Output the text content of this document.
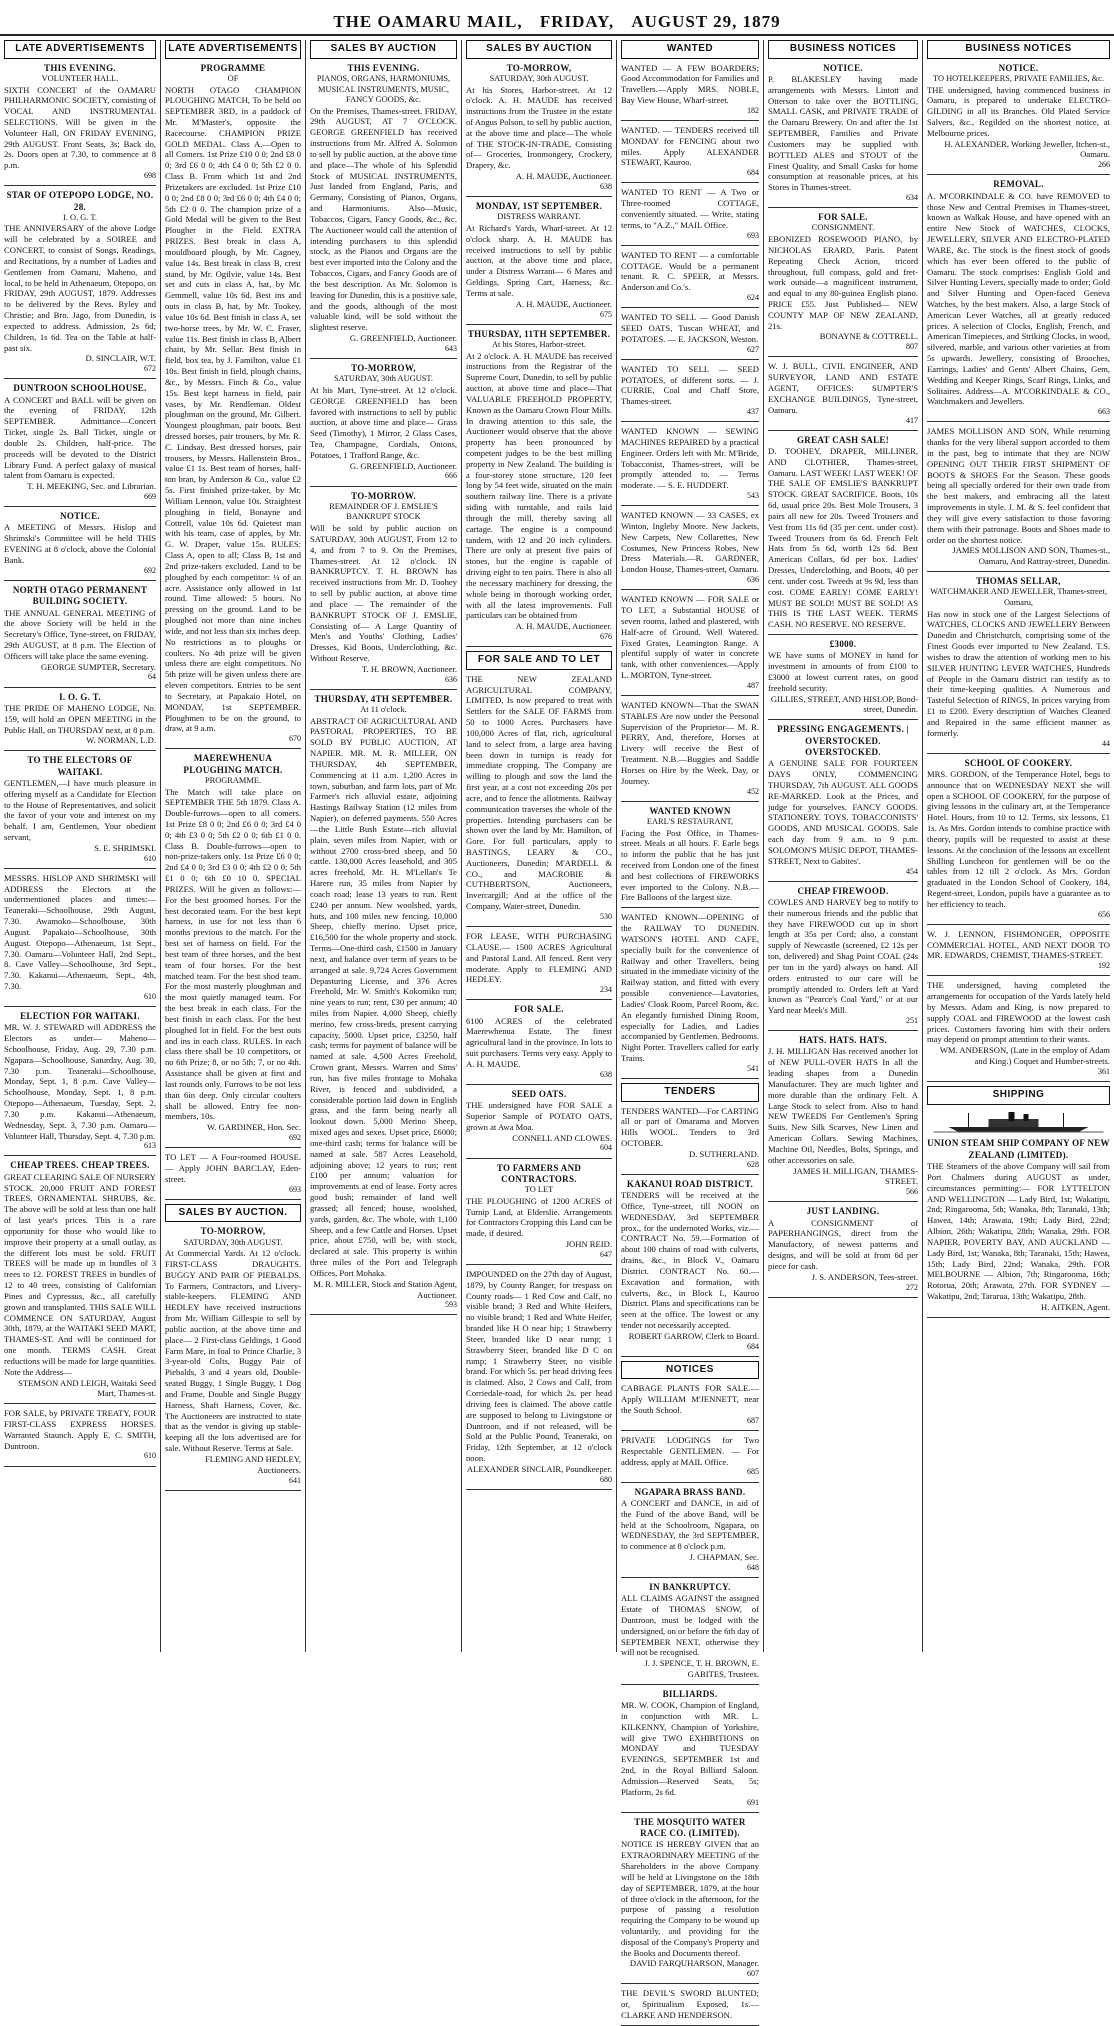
THE OAMARU MAIL, FRIDAY, AUGUST 29, 1879
LATE ADVERTISEMENTS
THIS EVENING.
VOLUNTEER HALL.

SIXTH CONCERT of the OAMARU PHILHARMONIC SOCIETY, consisting of VOCAL AND INSTRUMENTAL SELECTIONS. Will be given in the Volunteer Hall, ON FRIDAY EVENING, 29th AUGUST. Front Seats, 3s; Back do, 2s. Doors open at 7.30, to commence at 8 p.m.

698
STAR OF OTEPOPO LODGE, NO. 28.
I. O. G. T.

THE ANNIVERSARY of the above Lodge will be celebrated by a SOIREE and CONCERT, to consist of Songs, Readings, and Recitations, by a number of Ladies and Gentlemen from Oamaru, Maheno, and local, to be held in Athenaeum, Otepopo, on FRIDAY, 29th AUGUST, 1879. Addresses to be delivered by the Revs. Ryley and Christie; and Bro. Jago, from Dunedin, is expected to address. Admission, 2s 6d; Children, 1s 6d. Tea on the Table at half-past six.

D. SINCLAIR, W.T.

672
DUNTROON SCHOOLHOUSE.

A CONCERT and BALL will be given on the evening of FRIDAY, 12th SEPTEMBER. Admittance—Concert Ticket, single 2s. Ball Ticket, single or double 2s. Children, half-price. The proceeds will be devoted to the District Library Fund. A perfect galaxy of musical talent from Oamaru is expected.

T. H. MEEKING, Sec. and Librarian.

669
NOTICE.

A MEETING of Messrs. Hislop and Shrimski's Committee will be held THIS EVENING at 8 o'clock, above the Colonial Bank.

692
NORTH OTAGO PERMANENT BUILDING SOCIETY.

THE ANNUAL GENERAL MEETING of the above Society will be held in the Secretary's Office, Tyne-street, on FRIDAY, 29th AUGUST, at 8 p.m. The Election of Officers will take place the same evening.

GEORGE SUMPTER, Secretary.

64
I. O. G. T.

THE PRIDE OF MAHENO LODGE, No. 159, will hold an OPEN MEETING in the Public Hall, on THURSDAY next, at 8 p.m.

W. NORMAN, L.D.

TO THE ELECTORS OF WAITAKI.

GENTLEMEN,—I have much pleasure in offering myself as a Candidate for Election to the House of Representatives, and solicit the favor of your vote and interest on my behalf. I am, Gentlemen, Your obedient servant,

S. E. SHRIMSKI.

610

MESSRS. HISLOP AND SHRIMSKI will ADDRESS the Electors at the undermentioned places and times:— Teaneraki—Schoolhouse, 29th August, 7.30. Awamoko—Schoolhouse, 30th August. Papakaio—Schoolhouse, 30th August. Otepopo—Athenaeum, 1st Sept., 7.30. Oamaru—Volunteer Hall, 2nd Sept., 8. Cave Valley—Schoolhouse, 3rd Sept., 7.30. Kakanui—Athenaeum, Sept., 4th, 7.30.

610
ELECTION FOR WAITAKI.

MR. W. J. STEWARD will ADDRESS the Electors as under— Maheno—Schoolhouse, Friday, Aug. 29, 7.30 p.m. Ngapara—Schoolhouse, Saturday, Aug. 30, 7.30 p.m. Teaneraki—Schoolhouse, Monday, Sept. 1, 8 p.m. Cave Valley—Schoolhouse, Monday, Sept. 1, 8 p.m. Otepopo—Athenaeum, Tuesday, Sept. 2, 7.30 p.m. Kakanui—Athenaeum, Wednesday, Sept. 3, 7.30 p.m. Oamaru—Volunteer Hall, Thursday, Sept. 4, 7.30 p.m.

613
CHEAP TREES. CHEAP TREES.

GREAT CLEARING SALE OF NURSERY STOCK. 20,000 FRUIT AND FOREST TREES, ORNAMENTAL SHRUBS, &c. The above will be sold at less than one half of last year's prices. This is a rare opportunity for those who would like to improve their property at a small outlay, as the different lots must be sold. FRUIT TREES will be made up in bundles of 3 trees to 12. FOREST TREES in bundles of 12 to 40 trees, consisting of Californian Pines and Cypressus, &c., all carefully grown and transplanted. THIS SALE WILL COMMENCE ON SATURDAY, August 30th, 1879, at the WAITAKI SEED MART, THAMES-ST. And will be continued for one month. TERMS CASH. Great reductions will be made for large quantities. Note the Address—

STEMSON AND LEIGH, Waitaki Seed Mart, Thames-st.

FOR SALE, by PRIVATE TREATY, FOUR FIRST-CLASS EXPRESS HORSES. Warranted Staunch. Apply E. C. SMITH, Duntroon.

610
LATE ADVERTISEMENTS
PROGRAMME
OF

NORTH OTAGO CHAMPION PLOUGHING MATCH, To be held on SEPTEMBER 3RD, in a paddock of Mr. M'Master's, opposite the Racecourse. CHAMPION PRIZE GOLD MEDAL. Class A.—Open to all Comers. 1st Prize £10 0 0; 2nd £8 0 0; 3rd £6 0 0; 4th £4 0 0; 5th £2 0 0. Class B. From which 1st and 2nd Prizetakers are excluded. 1st Prize £10 0 0; 2nd £8 0 0; 3rd £6 0 0; 4th £4 0 0; 5th £2 0 0. The champion prize of a Gold Medal will be given to the Best Plougher in the Field. EXTRA PRIZES. Best break in class A, mouldboard plough, by Mr. Cagney, value 14s. Best break in class B, crest stand, by Mr. Ogilvie, value 14s. Best set and cuts in class A, hat, by Mr. Gemmell, value 10s 6d. Best ins and outs in class B, hat, by Mr. Tookey, value 10s 6d. Best finish in class A, set two-horse trees, by Mr. W. C. Fraser, value 11s. Best finish in class B, Albert chain, by Mr. Sellar. Best finish in field, box tea, by J. Familton, value £1 10s. Best finish in field, plough chains, &c., by Messrs. Finch & Co., value 15s. Best kept harness in field, pair vases, by Mr. Rendleman. Oldest ploughman on the ground, Mr. Gilbert. Youngest ploughman, pair boots. Best dressed horses, pair trousers, by Mr. R. C. Lindsay. Best dressed horses, pair trousers, by Messrs. Hallenstein Bros., value £1 1s. Best team of horses, half-ton bran, by Anderson & Co., value £2 5s. First finished prize-taker, by Mr. William Lennon, value 10s. Straightest ploughing in field, Bonayne and Cottrell, value 10s 6d. Quietest man with his team, case of apples, by Mr. G. W. Draper, value 15s. RULES: Class A, open to all; Class B, 1st and 2nd prize-takers excluded. Land to be ploughed by each competitor: ¼ of an acre. Assistance only allowed in 1st round. Time allowed: 5 hours. No pressing on the ground. Land to be ploughed not more than nine inches wide, and not less than six inches deep. No restrictions as to ploughs or coulters. No 4th prize will be given unless there are eight competitors. No 5th prize will be given unless there are eleven competitors. Entries to be sent to Secretary, at Papakaio Hotel, on MONDAY, 1st SEPTEMBER. Ploughmen to be on the ground, to draw, at 9 a.m.

670
MAEREWHENUA PLOUGHING MATCH.
PROGRAMME.

The Match will take place on SEPTEMBER THE 5th 1879. Class A. Double-furrows—open to all comers. 1st Prize £8 0 0; 2nd £6 0 0; 3rd £4 0 0; 4th £3 0 0; 5th £2 0 0; 6th £1 0 0. Class B. Double-furrows—open to non-prize-takers only. 1st Prize £6 0 0; 2nd £4 0 0; 3rd £3 0 0; 4th £2 0 0; 5th £1 0 0; 6th £0 10 0. SPECIAL PRIZES. Will be given as follows:— For the best groomed horses. For the best decorated team. For the best kept harness, in use for not less than 6 months previous to the match. For the best set of harness on field. For the best team of three horses, and the best team of four horses. For the best matched team. For the best shod team. For the most masterly ploughman and the most quietly managed team. For the best break in each class. For the best finish in each class. For the best ploughed lot in field. For the best outs and ins in each class. RULES. In each class there shall be 10 competitors, or no 6th Prize; 8, or no 5th; 7, or no 4th. Assistance shall be given at first and last rounds only. Furrows to be not less than 6in deep. Only circular coulters shall be allowed. Entry fee non-members, 10s.

W. GARDINER, Hon. Sec.

692

TO LET — A Four-roomed HOUSE. — Apply JOHN BARCLAY, Eden-street.

693
SALES BY AUCTION.
TO-MORROW,
SATURDAY, 30th AUGUST.

At Commercial Yards. At 12 o'clock. FIRST-CLASS DRAUGHTS. BUGGY AND PAIR OF PIEBALDS. To Farmers, Contractors, and Livery-stable-keepers. FLEMING AND HEDLEY have received instructions from Mr. William Gillespie to sell by public auction, at the above time and place— 2 First-class Geldings, 1 Good Farm Mare, in foal to Prince Charlie, 3 3-year-old Colts, Buggy Pair of Piebalds, 3 and 4 years old, Double-seated Buggy, 1 Single Buggy, 1 Dog and Frame, Double and Single Buggy Harness, Shaft Harness, Cover, &c. The Auctioneers are instructed to state that as the vendor is giving up stable-keeping all the lots advertised are for sale. Without Reserve. Terms at Sale.

FLEMING AND HEDLEY, Auctioneers.

641
SALES BY AUCTION
THIS EVENING.
PIANOS, ORGANS, HARMONIUMS, MUSICAL INSTRUMENTS, MUSIC, FANCY GOODS, &c.

On the Premises, Thames-street. FRIDAY, 29th AUGUST, AT 7 O'CLOCK. GEORGE GREENFIELD has received instructions from Mr. Alfred A. Solomon to sell by public auction, at the above time and place—The whole of his Splendid Stock of MUSICAL INSTRUMENTS, Just landed from England, Paris, and Germany, Consisting of Pianos, Organs, and Harmoniums. Also—Music, Tobaccos, Cigars, Fancy Goods, &c., &c. The Auctioneer would call the attention of intending purchasers to this splendid stock, as the Pianos and Organs are the best ever imported into the Colony and the Tobaccos, Cigars, and Fancy Goods are of the best description. As Mr. Solomon is leaving for Dunedin, this is a positive sale, and the goods, although of the most valuable kind, will be sold without the slightest reserve.

G. GREENFIELD, Auctioneer.

643
TO-MORROW,
SATURDAY, 30th AUGUST.

At his Mart, Tyne-street. At 12 o'clock. GEORGE GREENFIELD has been favored with instructions to sell by public auction, at above time and place— Grass Seed (Timothy), 1 Mirror, 2 Glass Cases, Tea, Champagne, Cordials, Onions, Potatoes, 1 Trafford Range, &c.

G. GREENFIELD, Auctioneer.

666
TO-MORROW.
REMAINDER OF J. EMSLIE'S BANKRUPT STOCK

Will be sold by public auction on SATURDAY, 30th AUGUST, From 12 to 4, and from 7 to 9. On the Premises, Thames-street. At 12 o'clock. IN BANKRUPTCY. T. H. BROWN has received instructions from Mr. D. Toohey to sell by public auction, at above time and place — The remainder of the BANKRUPT STOCK OF J. EMSLIE, Consisting of— A Large Quantity of Men's and Youths' Clothing, Ladies' Dresses, Kid Boots, Underclothing, &c. Without Reserve.

T. H. BROWN, Auctioneer.

636
THURSDAY, 4TH SEPTEMBER.
At 11 o'clock.

ABSTRACT OF AGRICULTURAL AND PASTORAL PROPERTIES, TO BE SOLD BY PUBLIC AUCTION, AT NAPIER. MR. M. R. MILLER, ON THURSDAY, 4th SEPTEMBER, Commencing at 11 a.m. 1,200 Acres in town, suburban, and farm lots, part of Mr. Farmer's rich alluvial estate, adjoining Hastings Railway Station (12 miles from Napier), on deferred payments. 550 Acres—the Little Bush Estate—rich alluvial plain, seven miles from Napier, with or without 2700 cross-bred sheep, and 50 cattle. 130,000 Acres leasehold, and 305 acres freehold, Mr. H. M'Lellan's Te Harere run, 35 miles from Napier by coach road; lease 13 years to run. Rent £240 per annum. New woolshed, yards, huts, and 100 miles new fencing. 10,000 Sheep, chiefly merino. Upset price, £16,500 for the whole property and stock. Terms—One-third cash, £1500 in January next, and balance over term of years to be arranged at sale. 9,724 Acres Government Depasturing License, and 376 Acres Freehold, Mr. W. Smith's Kokomiko run; nine years to run; rent, £30 per annum; 40 miles from Napier. 4,000 Sheep, chiefly merino, few cross-breds, present carrying capacity, 5000. Upset price, £3250, half cash; terms for payment of balance will be named at sale. 4,500 Acres Freehold, Crown grant, Messrs. Warren and Sims' run, has five miles frontage to Mohaka River, is fenced and subdivided, a considerable portion laid down in English grass, and the farm being nearly all lookout down. 5,000 Merino Sheep, mixed ages and sexes. Upset price, £6000; one-third cash; terms for balance will be named at sale. 587 Acres Leasehold, adjoining above; 12 years to run; rent £100 per annum; valuation for improvements at end of lease. Forty acres good bush; remainder of land well grassed; all fenced; house, woolshed, yards, garden, &c. The whole, with 1,100 Sheep, and a few Cattle and Horses. Upset price, about £750, will be, with stock, declared at sale. This property is within three miles of the Port and Telegraph Offices, Port Mohaka.

M. R. MILLER, Stock and Station Agent, Auctioneer.

593
SALES BY AUCTION
TO-MORROW,
SATURDAY, 30th AUGUST.

At his Stores, Harbor-street. At 12 o'clock. A. H. MAUDE has received instructions from the Trustee in the estate of Angus Polson, to sell by public auction, at the above time and place—The whole of THE STOCK-IN-TRADE, Consisting of— Groceries, Ironmongery, Crockery, Drapery, &c.

A. H. MAUDE, Auctioneer.

638
MONDAY, 1ST SEPTEMBER.
DISTRESS WARRANT.

At Richard's Yards, Wharf-street. At 12 o'clock sharp. A. H. MAUDE has received instructions to sell by public auction, at the above time and place, under a Distress Warrant— 6 Mares and Geldings, Spring Cart, Harness, &c. Terms at sale.

A. H. MAUDE, Auctioneer.

675
THURSDAY, 11TH SEPTEMBER.
At his Stores, Harbor-street.

At 2 o'clock. A. H. MAUDE has received instructions from the Registrar of the Supreme Court, Dunedin, to sell by public auction, at above time and place—That VALUABLE FREEHOLD PROPERTY, Known as the Oamaru Crown Flour Mills. In drawing attention to this sale, the Auctioneer would observe that the above property has been pronounced by competent judges to be the best milling property in New Zealand. The building is a four-storey stone structure, 120 feet long by 54 feet wide, situated on the main southern railway line. There is a private siding with turntable, and rails laid through the mill, thereby saving all cartage. The engine is a compound tandem, with 12 and 20 inch cylinders. There are only at present five pairs of stones, but the engine is capable of driving eight to ten pairs. There is also all the necessary machinery for dressing, the whole being in thorough working order, with all the latest improvements. Full particulars can be obtained from

A. H. MAUDE, Auctioneer.

676
FOR SALE AND TO LET

THE NEW ZEALAND AGRICULTURAL COMPANY, LIMITED, Is now prepared to treat with Settlers for the SALE OF FARMS from 50 to 1000 Acres. Purchasers have 100,000 Acres of flat, rich, agricultural land to select from, a large area having been down in turnips is ready for immediate cropping. The Company are willing to plough and sow the land the first year, at a cost not exceeding 20s per acre, and to fence the allotments. Railway communication traverses the whole of the properties. Intending purchasers can be shown over the land by Mr. Hamilton, of Gore. For full particulars, apply to BASTINGS, LEARY & CO., Auctioneers, Dunedin; M'ARDELL & CO., and MACROBIE & CUTHBERTSON, Auctioneers, Invercargill; And at the office of the Company, Water-street, Dunedin.

530

FOR LEASE, WITH PURCHASING CLAUSE.— 1500 ACRES Agricultural and Pastoral Land. All fenced. Rent very moderate. Apply to FLEMING AND HEDLEY.

234
FOR SALE.

6100 ACRES of the celebrated Maerewhenua Estate. The finest agricultural land in the province. In lots to suit purchasers. Terms very easy. Apply to A. H. MAUDE.

638
SEED OATS.

THE undersigned have FOR SALE a Superior Sample of POTATO OATS, grown at Awa Moa.

CONNELL AND CLOWES.

604
TO FARMERS AND CONTRACTORS.
TO LET

THE PLOUGHING of 1200 ACRES of Turnip Land, at Elderslie. Arrangements for Contractors Cropping this Land can be made, if desired.

JOHN REID.

647

IMPOUNDED on the 27th day of August, 1879, by County Ranger, for trespass on County roads— 1 Red Cow and Calf, no visible brand; 3 Red and White Heifers, no visible brand; 1 Red and White Heifer, branded like H O near hip; 1 Strawberry Steer, branded like D near rump; 1 Strawberry Steer, branded like D C on rump; 1 Strawberry Steer, no visible brand. For which 5s. per head driving fees is claimed. Also, 2 Cows and Calf, from Corriedale-road, for which 2s. per head driving fees is claimed. The above cattle are supposed to belong to Livingstone or Duntroon, and if not released, will be Sold at the Public Pound, Teaneraki, on Friday, 12th September, at 12 o'clock noon.

ALEXANDER SINCLAIR, Poundkeeper.

680
WANTED

WANTED — A FEW BOARDERS; Good Accommodation for Families and Travellers.—Apply MRS. NOBLE, Bay View House, Wharf-street.

182

WANTED. — TENDERS received till MONDAY for FENCING about two miles. Apply ALEXANDER STEWART, Kauroo.

684

WANTED TO RENT — A Two or Three-roomed COTTAGE, conveniently situated. — Write, stating terms, to "A.Z.," MAIL Office.

693

WANTED TO RENT — a comfortable COTTAGE. Would be a permanent tenant. R. C. SPEER, at Messrs. Anderson and Co.'s.

624

WANTED TO SELL — Good Danish SEED OATS, Tuscan WHEAT, and POTATOES. — E. JACKSON, Weston.

627

WANTED TO SELL — SEED POTATOES, of different sorts. — J. CURRIE, Coal and Chaff Store, Thames-street.

437

WANTED KNOWN — SEWING MACHINES REPAIRED by a practical Engineer. Orders left with Mr. M'Bride, Tobacconist, Thames-street, will be promptly attended to. — Terms moderate. — S. E. HUDDERT.

543

WANTED KNOWN — 33 CASES, ex Winton, Ingleby Moore. New Jackets, New Carpets, New Collarettes, New Costumes, New Princess Robes, New Dress Materials.—R. GARDNER, London House, Thames-street, Oamaru.

636

WANTED KNOWN — FOR SALE or TO LET, a Substantial HOUSE of seven rooms, lathed and plastered, with Half-acre of Ground. Well Watered. Fixed Grates, Leamington Range. A plentiful supply of water in concrete tank, with other conveniences.—Apply L. MORTON, Tyne-street.

487

WANTED KNOWN—That the SWAN STABLES Are now under the Personal Supervision of the Proprietor— M. R. PERRY, And, therefore, Horses at Livery will receive the Best of Treatment. N.B.—Buggies and Saddle Horses on Hire by the Week, Day, or Journey.

452
WANTED KNOWN
EARL'S RESTAURANT,

Facing the Post Office, in Thames-street. Meals at all hours. F. Earle begs to inform the public that he has just received from London one of the finest and best collections of FIREWORKS ever imported to the Colony. N.B.—Fire Balloons of the largest size.

WANTED KNOWN—OPENING of the RAILWAY TO DUNEDIN. WATSON'S HOTEL AND CAFE, specially built for the convenience of Railway and other Travellers, being situated in the immediate vicinity of the Railway station, and fitted with every possible convenience—Lavatories, Ladies' Cloak Room, Parcel Room, &c. An elegantly furnished Dining Room, especially for Ladies, and Ladies accompanied by Gentlemen. Bedrooms. Night Porter. Travellers called for early Trains.

541
TENDERS

TENDERS WANTED—For CARTING all or part of Omarama and Morven Hills WOOL. Tenders to 3rd OCTOBER.

D. SUTHERLAND.

628
KAKANUI ROAD DISTRICT.

TENDERS will be received at the Office, Tyne-street, till NOON on WEDNESDAY, 3rd SEPTEMBER prox., for the undernoted Works, viz.— CONTRACT No. 59.—Formation of about 100 chains of road with culverts, drains, &c., in Block V., Oamaru District. CONTRACT No. 60.—Excavation and formation, with culverts, &c., in Block I., Kauroo District. Plans and specifications can be seen at the office. The lowest or any tender not necessarily accepted.

ROBERT GARROW, Clerk to Board.

684
NOTICES

CABBAGE PLANTS FOR SALE.— Apply WILLIAM M'JENNETT, near the South School.

687

PRIVATE LODGINGS for Two Respectable GENTLEMEN. — For address, apply at MAIL Office.

685
NGAPARA BRASS BAND.

A CONCERT and DANCE, in aid of the Fund of the above Band, will be held at the Schoolroom, Ngapara, on WEDNESDAY, the 3rd SEPTEMBER, to commence at 8 o'clock p.m.

J. CHAPMAN, Sec.

648
IN BANKRUPTCY.

ALL CLAIMS AGAINST the assigned Estate of THOMAS SNOW, of Duntroon, must be lodged with the undersigned, on or before the 6th day of SEPTEMBER NEXT, otherwise they will not be recognised.

J. J. SPENCE, T. H. BROWN, E. GABITES, Trustees.

BILLIARDS.

MR. W. COOK, Champion of England, in conjunction with MR. L. KILKENNY, Champion of Yorkshire, will give TWO EXHIBITIONS on MONDAY and TUESDAY EVENINGS, SEPTEMBER 1st and 2nd, in the Royal Billiard Saloon. Admission—Reserved Seats, 5s; Platform, 2s 6d.

691
THE MOSQUITO WATER RACE CO. (LIMITED).

NOTICE IS HEREBY GIVEN that an EXTRAORDINARY MEETING of the Shareholders in the above Company will be held at Livingstone on the 18th day of SEPTEMBER, 1879, at the hour of three o'clock in the afternoon, for the purpose of passing a resolution requiring the Company to be wound up voluntarily, and providing for the disposal of the Company's Property and the Books and Documents thereof.

DAVID FARQUHARSON, Manager.

607

THE DEVIL'S SWORD BLUNTED; or, Spiritualism Exposed, 1s.—CLARKE AND HENDERSON.

BUSINESS NOTICES
NOTICE.

P. BLAKESLEY having made arrangements with Messrs. Lintott and Otterson to take over the BOTTLING, SMALL CASK, and PRIVATE TRADE of the Oamaru Brewery. On and after the 1st SEPTEMBER, Families and Private Customers may be supplied with BOTTLED ALES and STOUT of the Finest Quality, and Small Casks for home consumption at reasonable prices, at his Stores in Thames-street.

634
FOR SALE.
CONSIGNMENT.

EBONIZED ROSEWOOD PIANO, by NICHOLAS ERARD, Paris. Patent Repeating Check Action, tricord throughout, full compass, gold and fret-work outside—a magnificent instrument, and equal to any 80-guinea English piano. PRICE £55. Just Published— NEW COUNTY MAP OF NEW ZEALAND, 21s.

BONAYNE & COTTRELL.

807

W. J. BULL, CIVIL ENGINEER, AND SURVEYOR, LAND AND ESTATE AGENT, OFFICES: SUMPTER'S EXCHANGE BUILDINGS, Tyne-street, Oamaru.

417
GREAT CASH SALE!

D. TOOHEY, DRAPER, MILLINER, AND CLOTHIER, Thames-street, Oamaru. LAST WEEK! LAST WEEK! OF THE SALE OF EMSLIE'S BANKRUPT STOCK. GREAT SACRIFICE. Boots, 10s 6d, usual price 20s. Best Mole Trousers, 3 pairs all new for 20s. Tweed Trousers and Vest from 11s 6d (35 per cent. under cost). Tweed Trousers from 6s 6d. French Felt Hats from 5s 6d, worth 12s 6d. Best American Collars, 6d per box. Ladies' Dresses, Underclothing, and Boots, 40 per cent. under cost. Tweeds at 9s 9d, less than cost. COME EARLY! COME EARLY! MUST BE SOLD! MUST BE SOLD! AS THIS IS THE LAST WEEK. TERMS CASH. NO RESERVE. NO RESERVE.

£3000.

WE have sums of MONEY in hand for investment in amounts of from £100 to £3000 at lowest current rates, on good freehold security.

GILLIES, STREET, AND HISLOP, Bond-street, Dunedin.

PRESSING ENGAGEMENTS. | OVERSTOCKED. OVERSTOCKED.

A GENUINE SALE FOR FOURTEEN DAYS ONLY, COMMENCING THURSDAY, 7th AUGUST. ALL GOODS RE-MARKED. Look at the Prices, and judge for yourselves. FANCY GOODS. STATIONERY. TOYS. TOBACCONISTS' GOODS, AND MUSICAL GOODS. Sale each day from 9 a.m. to 9 p.m. SOLOMON'S MUSIC DEPOT, THAMES-STREET, Next to Gabites'.

454
CHEAP FIREWOOD.

COWLES AND HARVEY beg to notify to their numerous friends and the public that they have FIREWOOD cut up in short length at 35s per Cord; also, a constant supply of Newcastle (screened, £2 12s per ton, delivered) and Shag Point COAL (24s per ton in the yard) always on hand. All orders entrusted to our care will be promptly attended to. Orders left at Yard known as "Pearce's Coal Yard," or at our Yard near Meek's Mill.

251
HATS. HATS. HATS.

J. H. MILLIGAN Has received another lot of NEW PULL-OVER HATS In all the leading shapes from a Dunedin Manufacturer. They are much lighter and more durable than the ordinary Felt. A Large Stock to select from. Also to hand NEW TWEEDS For Gentlemen's Spring Suits. New Silk Scarves, New Linen and American Collars. Sewing Machines, Machine Oil, Needles, Bolts, Springs, and other accessories on sale.

JAMES H. MILLIGAN, THAMES-STREET.

566
JUST LANDING.

A CONSIGNMENT of PAPERHANGINGS, direct from the Manufactory, of newest patterns and designs, and will be sold at from 6d per piece for cash.

J. S. ANDERSON, Tees-street.

272
BUSINESS NOTICES
NOTICE.
TO HOTELKEEPERS, PRIVATE FAMILIES, &c.

THE undersigned, having commenced business in Oamaru, is prepared to undertake ELECTRO-GILDING in all its Branches. Old Plated Service Salvers, &c., Regilded on the shortest notice, at Melbourne prices.

H. ALEXANDER, Working Jeweller, Itchen-st., Oamaru.

266
REMOVAL.

A. M'CORKINDALE & CO. have REMOVED to those New and Central Premises in Thames-street, known as Walkak House, and have opened with an entire New Stock of WATCHES, CLOCKS, JEWELLERY, SILVER AND ELECTRO-PLATED WARE, &c. The stock is the finest stock of goods which has ever been offered to the public of Oamaru. The stock comprises: English Gold and Silver Hunting Levers, specially made to order; Gold and Silver Hunting and Open-faced Geneva Watches, by the best makers. Also, a large Stock of American Lever Watches, all at greatly reduced prices. A selection of Clocks, English, French, and American Timepieces, and Striking Clocks, in wood, silvered, marble, and various other varieties at from 5s upwards. Jewellery, consisting of Brooches, Earrings, Ladies' and Gents' Albert Chains, Gem, Wedding and Keeper Rings, Scarf Rings, Links, and Solitaires. Address—A. M'CORKINDALE & CO., Watchmakers and Jewellers.

663

JAMES MOLLISON AND SON, While returning thanks for the very liberal support accorded to them in the past, beg to intimate that they are NOW OPENING OUT THEIR FIRST SHIPMENT OF BOOTS & SHOES For the Season. These goods being all specially ordered for their own trade from the best makers, and embracing all the latest improvements in style. J. M. & S. feel confident that they will give every satisfaction to those favoring them with their patronage. Boots and Shoes made to order on the shortest notice.

JAMES MOLLISON AND SON, Thames-st., Oamaru, And Rattray-street, Dunedin.

THOMAS SELLAR,
WATCHMAKER AND JEWELLER, Thames-street, Oamaru,

Has now in stock one of the Largest Selections of WATCHES, CLOCKS AND JEWELLERY Between Dunedin and Christchurch, comprising some of the Finest Goods ever imported to New Zealand. T.S. wishes to draw the attention of working men to his SILVER HUNTING LEVER WATCHES, Hundreds of People in the Oamaru district can testify as to their time-keeping qualities. A Numerous and Tasteful Selection of RINGS, In prices varying from £1 to £200. Every description of Watches Cleaned and Repaired in the same efficient manner as formerly.

44
SCHOOL OF COOKERY.

MRS. GORDON, of the Temperance Hotel, begs to announce that on WEDNESDAY NEXT she will open a SCHOOL OF COOKERY, for the purpose of giving lessons in the culinary art, at the Temperance Hotel. Hours, from 10 to 12. Terms, six lessons, £1 1s. As Mrs. Gordon intends to combine practice with theory, pupils will be requested to assist at these lessons. At the conclusion of the lessons an excellent Shilling Luncheon for gentlemen will be on the tables from 12 till 2 o'clock. As Mrs. Gordon graduated in the London School of Cookery, 184, Regent-street, London, pupils have a guarantee as to her efficiency to teach.

656

W. J. LENNON, FISHMONGER, OPPOSITE COMMERCIAL HOTEL, AND NEXT DOOR TO MR. EDWARDS, CHEMIST, THAMES-STREET.

192

THE undersigned, having completed the arrangements for occupation of the Yards lately held by Messrs. Adam and King, is now prepared to supply COAL and FIREWOOD at the lowest cash prices. Customers favoring him with their orders may depend on prompt attention to their wants.

WM. ANDERSON, (Late in the employ of Adam and King.) Coquet and Humber-streets.

361
SHIPPING
UNION STEAM SHIP COMPANY OF NEW ZEALAND (LIMITED).

THE Steamers of the above Company will sail from Port Chalmers during AUGUST as under, circumstances permitting:— FOR LYTTELTON AND WELLINGTON — Lady Bird, 1st; Wakatipu, 2nd; Ringarooma, 5th; Wanaka, 8th; Taranaki, 13th; Hawea, 14th; Arawata, 19th; Lady Bird, 22nd; Albion, 26th; Wakatipu, 28th; Wanaka, 29th. FOR NAPIER, POVERTY BAY, AND AUCKLAND — Lady Bird, 1st; Wanaka, 8th; Taranaki, 15th; Hawea, 15th; Lady Bird, 22nd; Wanaka, 29th. FOR MELBOURNE — Albion, 7th; Ringarooma, 16th; Rotorua, 20th; Arawata, 27th. FOR SYDNEY — Wakatipu, 2nd; Tararua, 13th; Wakatipu, 28th.

H. AITKEN, Agent.
